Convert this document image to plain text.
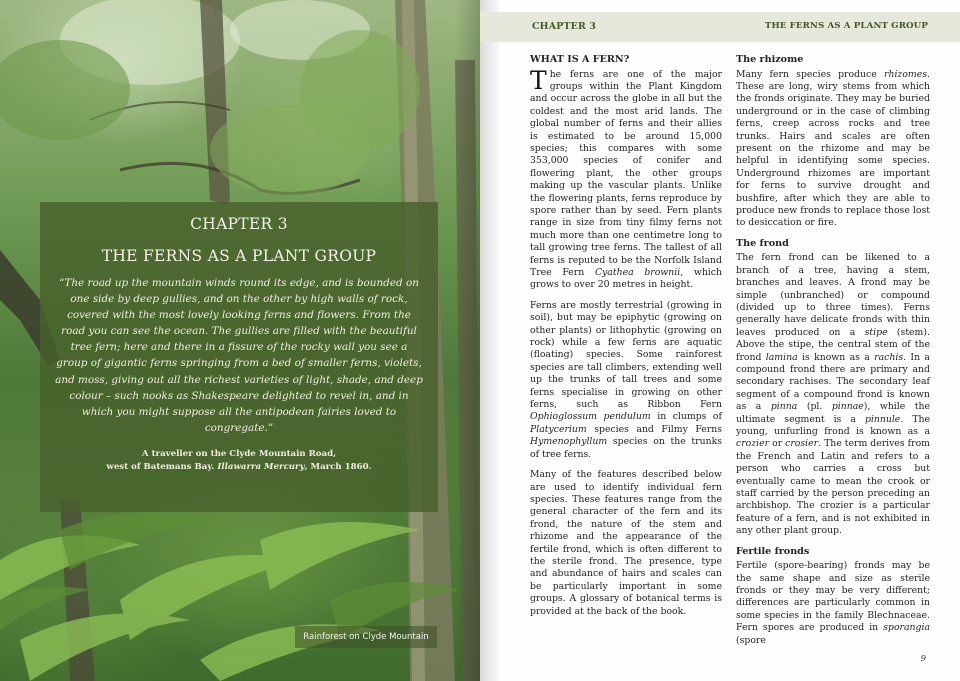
CHAPTER 3
THE FERNS AS A PLANT GROUP
“The road up the mountain winds round its edge, and is bounded on one side by deep gullies, and on the other by high walls of rock, covered with the most lovely looking ferns and flowers. From the road you can see the ocean. The gullies are filled with the beautiful tree fern; here and there in a fissure of the rocky wall you see a group of gigantic ferns springing from a bed of smaller ferns, violets, and moss, giving out all the richest varieties of light, shade, and deep colour – such nooks as Shakespeare delighted to revel in, and in which you might suppose all the antipodean fairies loved to congregate.”
A traveller on the Clyde Mountain Road,
west of Batemans Bay. Illawarra Mercury, March 1860.
Rainforest on Clyde Mountain
CHAPTER 3	THE FERNS AS A PLANT GROUP
WHAT IS A FERN?

The ferns are one of the major groups within the Plant Kingdom and occur across the globe in all but the coldest and the most arid lands. The global number of ferns and their allies is estimated to be around 15,000 species; this compares with some 353,000 species of conifer and flowering plant, the other groups making up the vascular plants. Unlike the flowering plants, ferns reproduce by spore rather than by seed. Fern plants range in size from tiny filmy ferns not much more than one centimetre long to tall growing tree ferns. The tallest of all ferns is reputed to be the Norfolk Island Tree Fern Cyathea brownii, which grows to over 20 metres in height.

Ferns are mostly terrestrial (growing in soil), but may be epiphytic (growing on other plants) or lithophytic (growing on rock) while a few ferns are aquatic (floating) species. Some rainforest species are tall climbers, extending well up the trunks of tall trees and some ferns specialise in growing on other ferns, such as Ribbon Fern Ophioglossum pendulum in clumps of Platycerium species and Filmy Ferns Hymenophyllum species on the trunks of tree ferns.

Many of the features described below are used to identify individual fern species. These features range from the general character of the fern and its frond, the nature of the stem and rhizome and the appearance of the fertile frond, which is often different to the sterile frond. The presence, type and abundance of hairs and scales can be particularly important in some groups. A glossary of botanical terms is provided at the back of the book.

The rhizome

Many fern species produce rhizomes. These are long, wiry stems from which the fronds originate. They may be buried underground or in the case of climbing ferns, creep across rocks and tree trunks. Hairs and scales are often present on the rhizome and may be helpful in identifying some species. Underground rhizomes are important for ferns to survive drought and bushfire, after which they are able to produce new fronds to replace those lost to desiccation or fire.

The frond

The fern frond can be likened to a branch of a tree, having a stem, branches and leaves. A frond may be simple (unbranched) or compound (divided up to three times). Ferns generally have delicate fronds with thin leaves produced on a stipe (stem). Above the stipe, the central stem of the frond lamina is known as a rachis. In a compound frond there are primary and secondary rachises. The secondary leaf segment of a compound frond is known as a pinna (pl. pinnae), while the ultimate segment is a pinnule. The young, unfurling frond is known as a crozier or crosier. The term derives from the French and Latin and refers to a person who carries a cross but eventually came to mean the crook or staff carried by the person preceding an archbishop. The crozier is a particular feature of a fern, and is not exhibited in any other plant group.

Fertile fronds

Fertile (spore-bearing) fronds may be the same shape and size as sterile fronds or they may be very different; differences are particularly common in some species in the family Blechnaceae. Fern spores are produced in sporangia (spore

9
